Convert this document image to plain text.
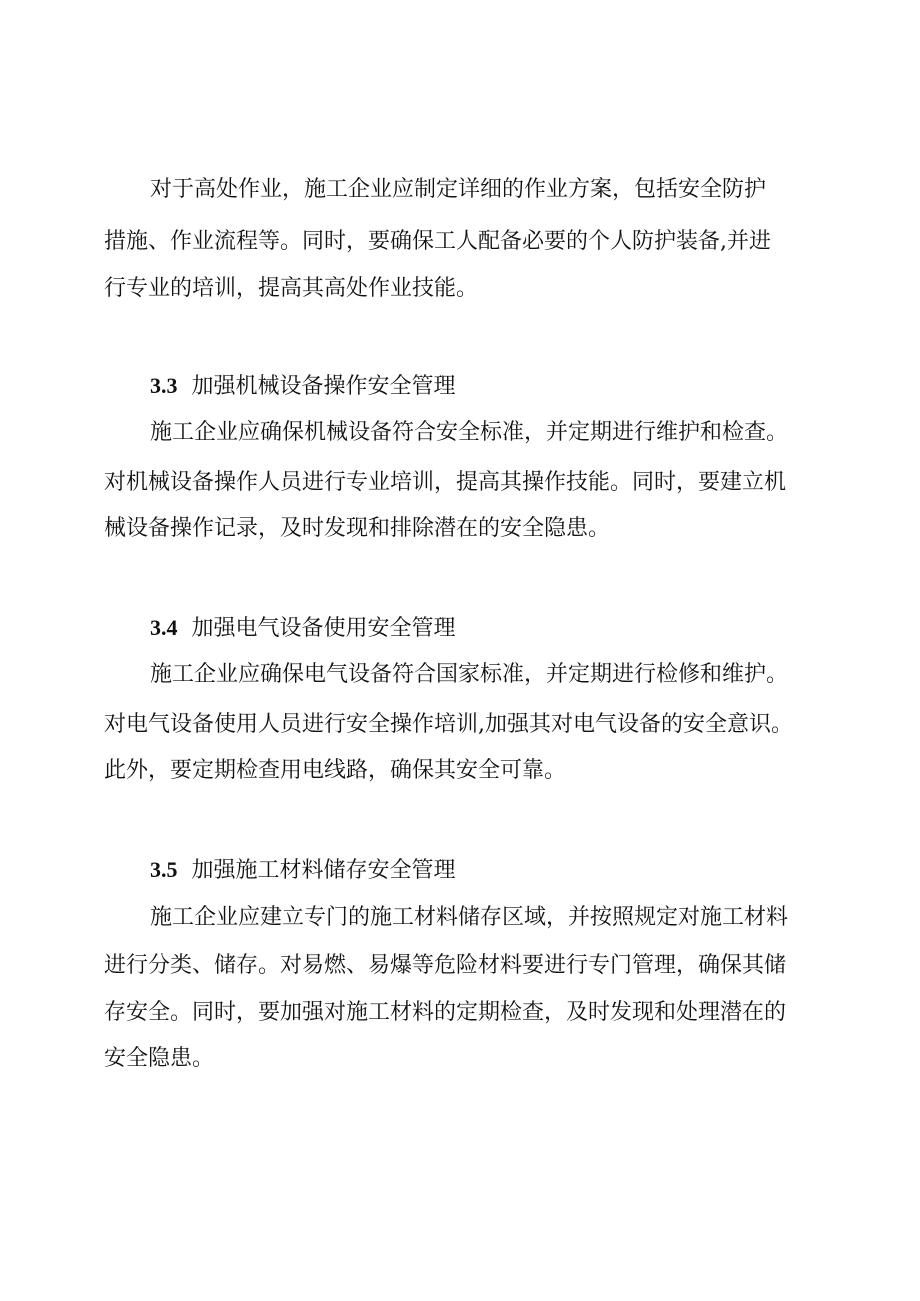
对于高处作业，施工企业应制定详细的作业方案，包括安全防护
措施、作业流程等。同时，要确保工人配备必要的个人防护装备,并进
行专业的培训，提高其高处作业技能。
3.3 加强机械设备操作安全管理
施工企业应确保机械设备符合安全标准，并定期进行维护和检查。
对机械设备操作人员进行专业培训，提高其操作技能。同时，要建立机
械设备操作记录，及时发现和排除潜在的安全隐患。
3.4 加强电气设备使用安全管理
施工企业应确保电气设备符合国家标准，并定期进行检修和维护。
对电气设备使用人员进行安全操作培训,加强其对电气设备的安全意识。
此外，要定期检查用电线路，确保其安全可靠。
3.5 加强施工材料储存安全管理
施工企业应建立专门的施工材料储存区域，并按照规定对施工材料
进行分类、储存。对易燃、易爆等危险材料要进行专门管理，确保其储
存安全。同时，要加强对施工材料的定期检查，及时发现和处理潜在的
安全隐患。
